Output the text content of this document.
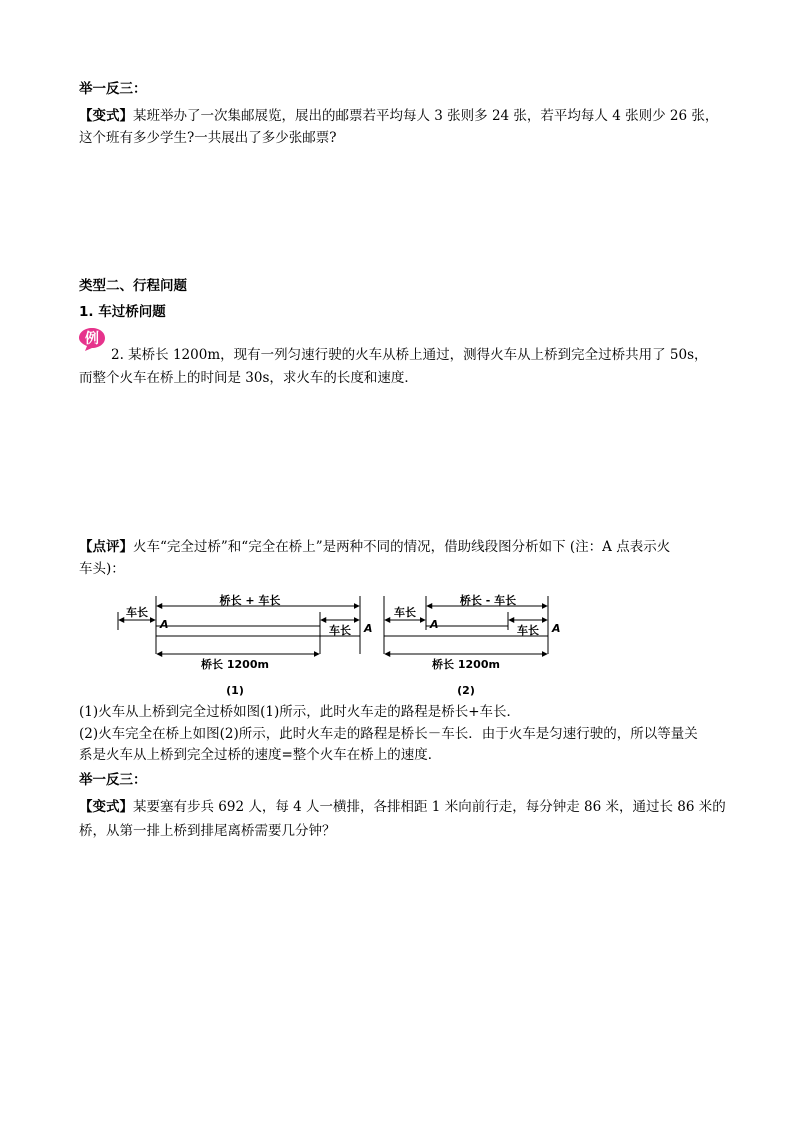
举一反三：
【变式】某班举办了一次集邮展览，展出的邮票若平均每人 3 张则多 24 张，若平均每人 4 张则少 26 张，
这个班有多少学生?一共展出了多少张邮票?
类型二、行程问题
1. 车过桥问题
例
2. 某桥长 1200m，现有一列匀速行驶的火车从桥上通过，测得火车从上桥到完全过桥共用了 50s，
而整个火车在桥上的时间是 30s，求火车的长度和速度．
【点评】火车“完全过桥”和“完全在桥上”是两种不同的情况，借助线段图分析如下 (注：A 点表示火
车头)：
桥长 + 车长
车长
车长
A	A
桥长 1200m
(1)
桥长 - 车长
车长
车长
A	A
桥长 1200m
(2)
(1)火车从上桥到完全过桥如图(1)所示，此时火车走的路程是桥长+车长．
(2)火车完全在桥上如图(2)所示，此时火车走的路程是桥长－车长．由于火车是匀速行驶的，所以等量关
系是火车从上桥到完全过桥的速度=整个火车在桥上的速度．
举一反三：
【变式】某要塞有步兵 692 人，每 4 人一横排，各排相距 1 米向前行走，每分钟走 86 米，通过长 86 米的
桥，从第一排上桥到排尾离桥需要几分钟？
